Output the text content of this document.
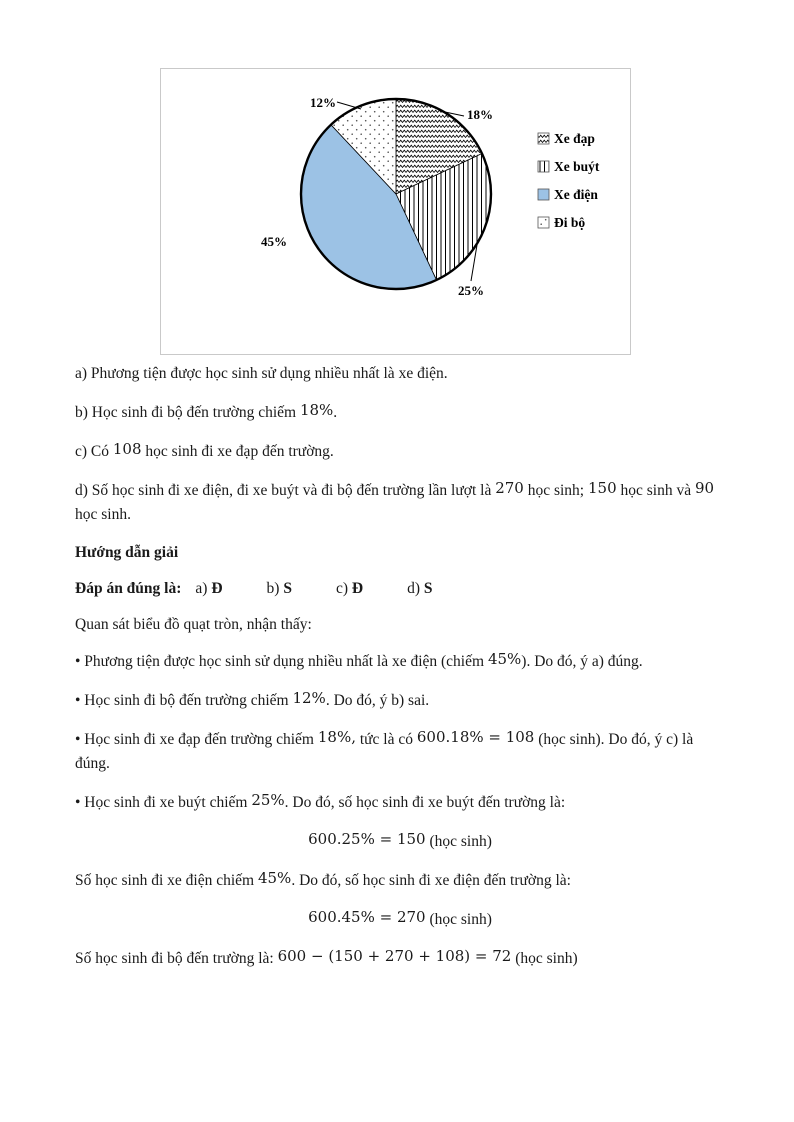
12%
18%
45%
25%
Xe đạp
Xe buýt
Xe điện
Đi bộ

a) Phương tiện được học sinh sử dụng nhiều nhất là xe điện.

b) Học sinh đi bộ đến trường chiếm 18%.

c) Có 108 học sinh đi xe đạp đến trường.

d) Số học sinh đi xe điện, đi xe buýt và đi bộ đến trường lần lượt là 270 học sinh; 150 học sinh và 90 học sinh.

Hướng dẫn giải

Đáp án đúng là: a) Đ	b) S	c) Đ	d) S

Quan sát biểu đồ quạt tròn, nhận thấy:

• Phương tiện được học sinh sử dụng nhiều nhất là xe điện (chiếm 45%). Do đó, ý a) đúng.

• Học sinh đi bộ đến trường chiếm 12%. Do đó, ý b) sai.

• Học sinh đi xe đạp đến trường chiếm 18%, tức là có 600.18% = 108 (học sinh). Do đó, ý c) là đúng.

• Học sinh đi xe buýt chiếm 25%. Do đó, số học sinh đi xe buýt đến trường là:

600.25% = 150 (học sinh)

Số học sinh đi xe điện chiếm 45%. Do đó, số học sinh đi xe điện đến trường là:

600.45% = 270 (học sinh)

Số học sinh đi bộ đến trường là: 600 − (150 + 270 + 108) = 72 (học sinh)
